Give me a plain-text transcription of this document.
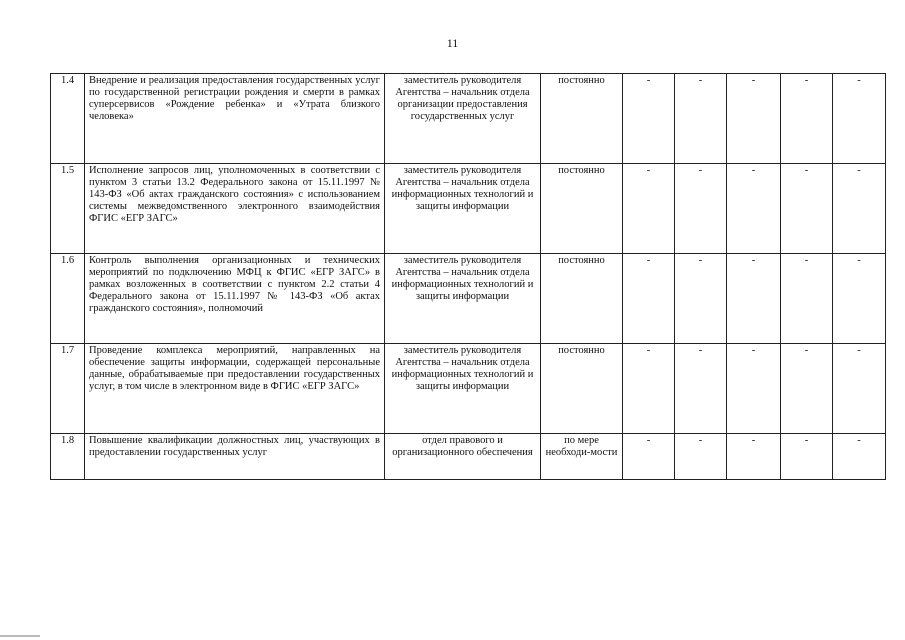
11
1.4	Внедрение и реализация предоставления государственных услуг по государственной регистрации рождения и смерти в рамках суперсервисов «Рождение ребенка» и «Утрата близкого человека»	заместитель руководителя Агентства – начальник отдела организации предоставления государственных услуг	постоянно	-	-	-	-	-
1.5	Исполнение запросов лиц, уполномоченных в соответствии с пунктом 3 статьи 13.2 Федерального закона от 15.11.1997 № 143-ФЗ «Об актах гражданского состояния» с использованием системы межведомственного электронного взаимодействия ФГИС «ЕГР ЗАГС»	заместитель руководителя Агентства – начальник отдела информационных технологий и защиты информации	постоянно	-	-	-	-	-
1.6	Контроль выполнения организационных и технических мероприятий по подключению МФЦ к ФГИС «ЕГР ЗАГС» в рамках возложенных в соответствии с пунктом 2.2 статьи 4 Федерального закона от 15.11.1997 № 143-ФЗ «Об актах гражданского состояния», полномочий	заместитель руководителя Агентства – начальник отдела информационных технологий и защиты информации	постоянно	-	-	-	-	-
1.7	Проведение комплекса мероприятий, направленных на обеспечение защиты информации, содержащей персональные данные, обрабатываемые при предоставлении государственных услуг, в том числе в электронном виде в ФГИС «ЕГР ЗАГС»	заместитель руководителя Агентства – начальник отдела информационных технологий и защиты информации	постоянно	-	-	-	-	-
1.8	Повышение квалификации должностных лиц, участвующих в предоставлении государственных услуг	отдел правового и организационного обеспечения	по мере необходи-мости	-	-	-	-	-
